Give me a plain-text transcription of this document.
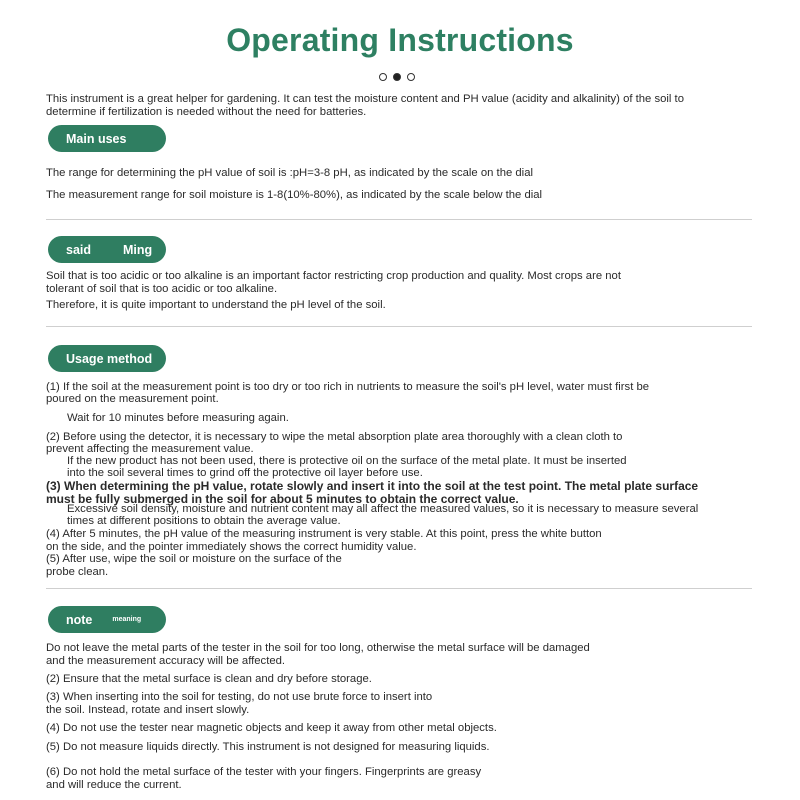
Operating Instructions
This instrument is a great helper for gardening. It can test the moisture content and PH value (acidity and alkalinity) of the soil to
determine if fertilization is needed without the need for batteries.
Main uses
The range for determining the pH value of soil is :pH=3-8 pH, as indicated by the scale on the dial
The measurement range for soil moisture is 1-8(10%-80%), as indicated by the scale below the dial
said	Ming
Soil that is too acidic or too alkaline is an important factor restricting crop production and quality. Most crops are not
tolerant of soil that is too acidic or too alkaline.
Therefore, it is quite important to understand the pH level of the soil.
Usage method
(1) If the soil at the measurement point is too dry or too rich in nutrients to measure the soil's pH level, water must first be
poured on the measurement point.
Wait for 10 minutes before measuring again.
(2) Before using the detector, it is necessary to wipe the metal absorption plate area thoroughly with a clean cloth to
prevent affecting the measurement value.
If the new product has not been used, there is protective oil on the surface of the metal plate. It must be inserted
into the soil several times to grind off the protective oil layer before use.
(3) When determining the pH value, rotate slowly and insert it into the soil at the test point. The metal plate surface
must be fully submerged in the soil for about 5 minutes to obtain the correct value.
Excessive soil density, moisture and nutrient content may all affect the measured values, so it is necessary to measure several
times at different positions to obtain the average value.
(4) After 5 minutes, the pH value of the measuring instrument is very stable. At this point, press the white button
on the side, and the pointer immediately shows the correct humidity value.
(5) After use, wipe the soil or moisture on the surface of the
probe clean.
note	meaning
Do not leave the metal parts of the tester in the soil for too long, otherwise the metal surface will be damaged
and the measurement accuracy will be affected.
(2) Ensure that the metal surface is clean and dry before storage.
(3) When inserting into the soil for testing, do not use brute force to insert into
the soil. Instead, rotate and insert slowly.
(4) Do not use the tester near magnetic objects and keep it away from other metal objects.
(5) Do not measure liquids directly. This instrument is not designed for measuring liquids.
(6) Do not hold the metal surface of the tester with your fingers. Fingerprints are greasy
and will reduce the current.
